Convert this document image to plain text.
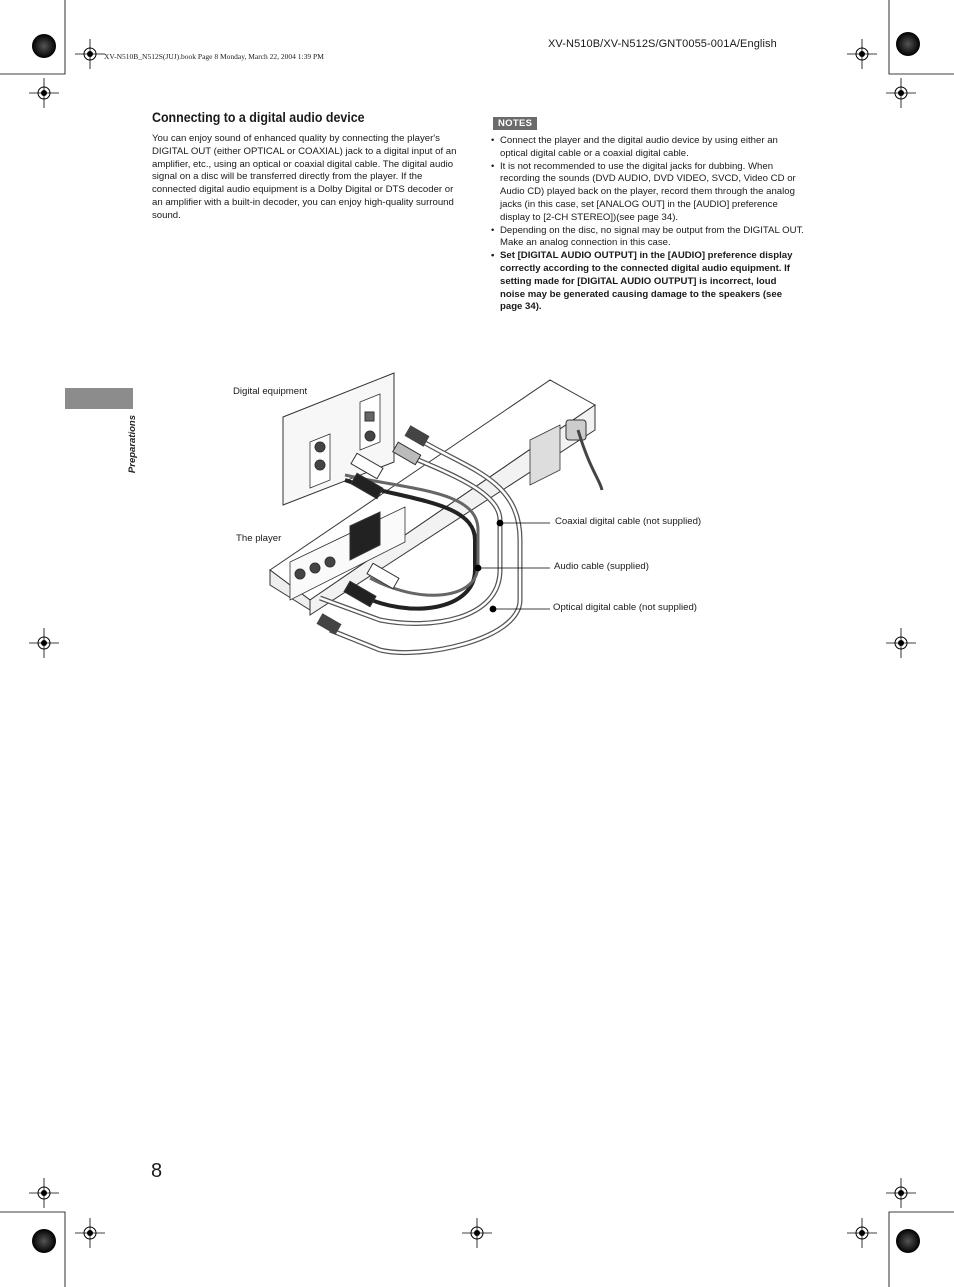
XV-N510B_N512S(JUJ).book Page 8 Monday, March 22, 2004 1:39 PM
XV-N510B/XV-N512S/GNT0055-001A/English
Connecting to a digital audio device

You can enjoy sound of enhanced quality by connecting the player's DIGITAL OUT (either OPTICAL or COAXIAL) jack to a digital input of an amplifier, etc., using an optical or coaxial digital cable. The digital audio signal on a disc will be transferred directly from the player. If the connected digital audio equipment is a Dolby Digital or DTS decoder or an amplifier with a built-in decoder, you can enjoy high-quality surround sound.

NOTES
• Connect the player and the digital audio device by using either an optical digital cable or a coaxial digital cable.
• It is not recommended to use the digital jacks for dubbing. When recording the sounds (DVD AUDIO, DVD VIDEO, SVCD, Video CD or Audio CD) played back on the player, record them through the analog jacks (in this case, set [ANALOG OUT] in the [AUDIO] preference display to [2-CH STEREO])(see page 34).
• Depending on the disc, no signal may be output from the DIGITAL OUT. Make an analog connection in this case.
• Set [DIGITAL AUDIO OUTPUT] in the [AUDIO] preference display correctly according to the connected digital audio equipment. If setting made for [DIGITAL AUDIO OUTPUT] is incorrect, loud noise may be generated causing damage to the speakers (see page 34).
Preparations
Digital equipment
The player
Coaxial digital cable (not supplied)
Audio cable (supplied)
Optical digital cable (not supplied)
8
